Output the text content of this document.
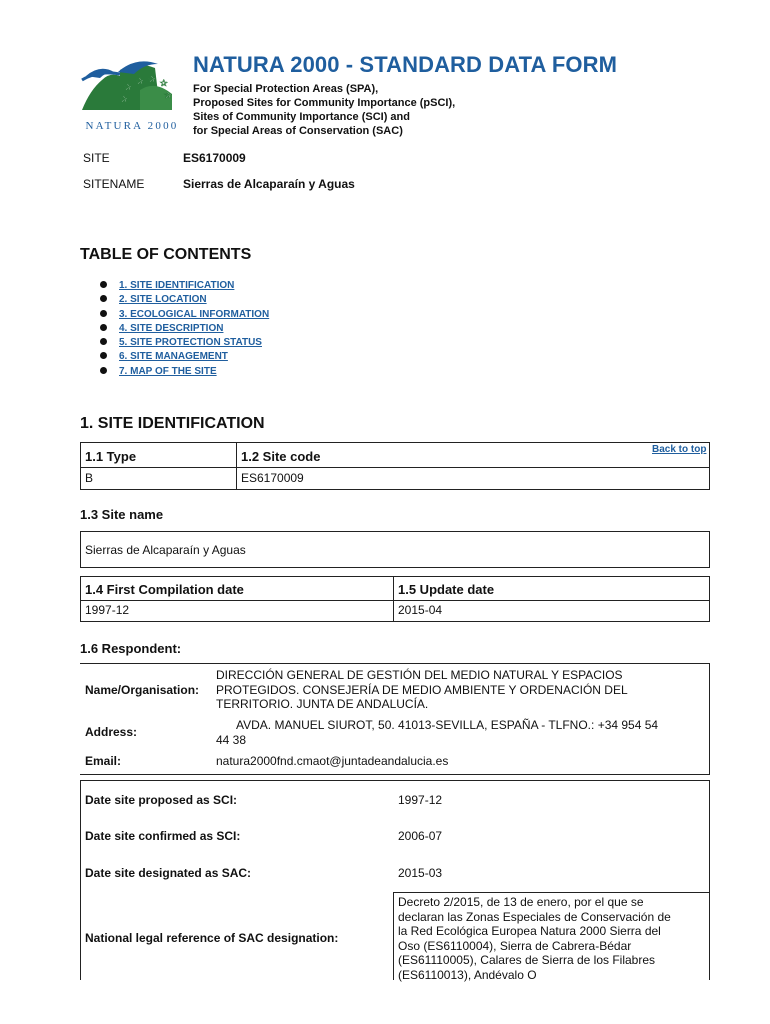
✰
✰ ✰ ✰
✰	✰
NATURA 2000
NATURA 2000 - STANDARD DATA FORM
For Special Protection Areas (SPA),
Proposed Sites for Community Importance (pSCI),
Sites of Community Importance (SCI) and
for Special Areas of Conservation (SAC)
SITE	ES6170009
SITENAME	Sierras de Alcaparaín y Aguas
TABLE OF CONTENTS
1. SITE IDENTIFICATION
2. SITE LOCATION
3. ECOLOGICAL INFORMATION
4. SITE DESCRIPTION
5. SITE PROTECTION STATUS
6. SITE MANAGEMENT
7. MAP OF THE SITE
1. SITE IDENTIFICATION
Back to top
1.1 Type	1.2 Site code
B	ES6170009
1.3 Site name
Sierras de Alcaparaín y Aguas
1.4 First Compilation date	1.5 Update date
1997-12	2015-04
1.6 Respondent:
Name/Organisation:
DIRECCIÓN GENERAL DE GESTIÓN DEL MEDIO NATURAL Y ESPACIOS
PROTEGIDOS. CONSEJERÍA DE MEDIO AMBIENTE Y ORDENACIÓN DEL
TERRITORIO. JUNTA DE ANDALUCÍA.
Address:	AVDA. MANUEL SIUROT, 50. 41013-SEVILLA, ESPAÑA - TLFNO.: +34 954 54
44 38
Email:	natura2000fnd.cmaot@juntadeandalucia.es
Date site proposed as SCI:	1997-12
Date site confirmed as SCI:	2006-07
Date site designated as SAC:	2015-03
National legal reference of SAC designation:
Decreto 2/2015, de 13 de enero, por el que se
declaran las Zonas Especiales de Conservación de
la Red Ecológica Europea Natura 2000 Sierra del
Oso (ES6110004), Sierra de Cabrera-Bédar
(ES61110005), Calares de Sierra de los Filabres
(ES6110013), Andévalo O
